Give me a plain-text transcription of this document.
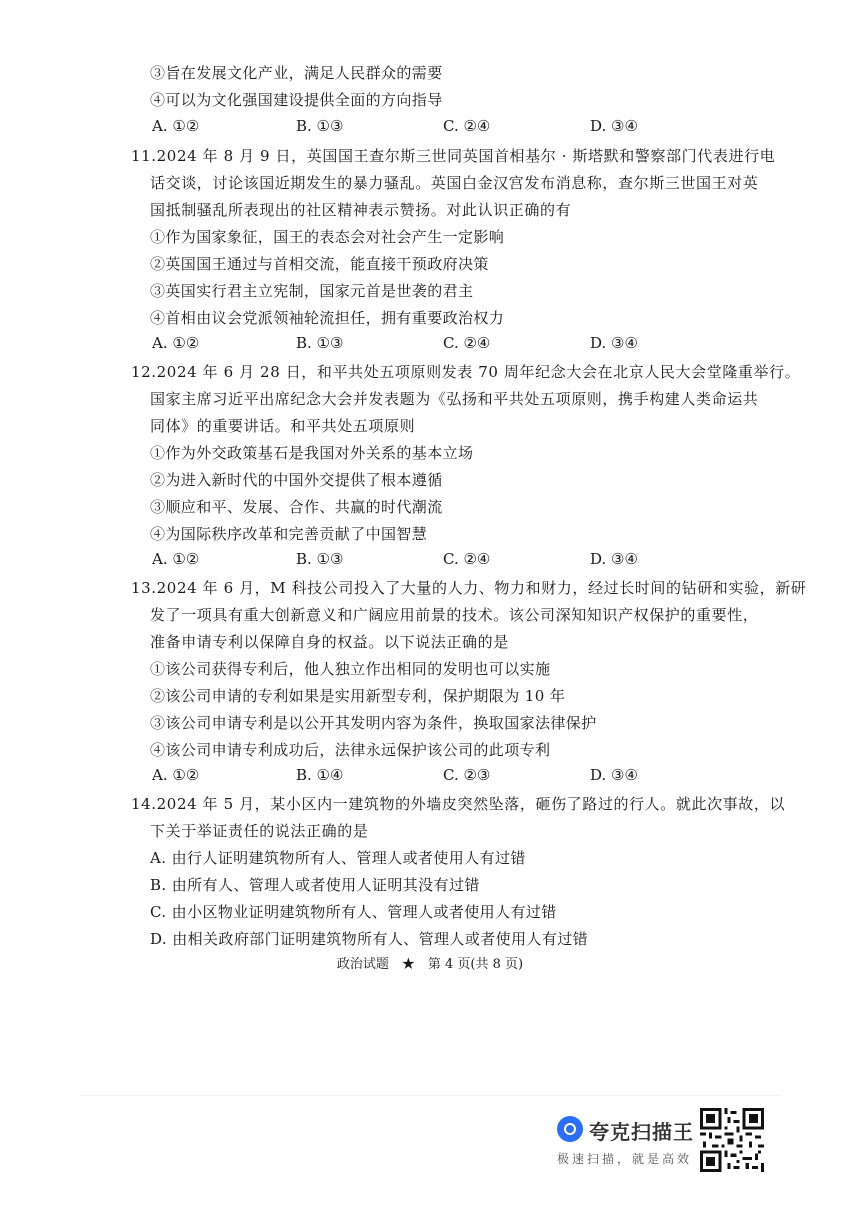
③旨在发展文化产业，满足人民群众的需要
④可以为文化强国建设提供全面的方向指导
A. ①②	B. ①③	C. ②④	D. ③④
11.2024 年 8 月 9 日，英国国王查尔斯三世同英国首相基尔 · 斯塔默和警察部门代表进行电
话交谈，讨论该国近期发生的暴力骚乱。英国白金汉宫发布消息称，查尔斯三世国王对英
国抵制骚乱所表现出的社区精神表示赞扬。对此认识正确的有
①作为国家象征，国王的表态会对社会产生一定影响
②英国国王通过与首相交流，能直接干预政府决策
③英国实行君主立宪制，国家元首是世袭的君主
④首相由议会党派领袖轮流担任，拥有重要政治权力
A. ①②	B. ①③	C. ②④	D. ③④
12.2024 年 6 月 28 日，和平共处五项原则发表 70 周年纪念大会在北京人民大会堂隆重举行。
国家主席习近平出席纪念大会并发表题为《弘扬和平共处五项原则，携手构建人类命运共
同体》的重要讲话。和平共处五项原则
①作为外交政策基石是我国对外关系的基本立场
②为进入新时代的中国外交提供了根本遵循
③顺应和平、发展、合作、共赢的时代潮流
④为国际秩序改革和完善贡献了中国智慧
A. ①②	B. ①③	C. ②④	D. ③④
13.2024 年 6 月，M 科技公司投入了大量的人力、物力和财力，经过长时间的钻研和实验，新研
发了一项具有重大创新意义和广阔应用前景的技术。该公司深知知识产权保护的重要性，
准备申请专利以保障自身的权益。以下说法正确的是
①该公司获得专利后，他人独立作出相同的发明也可以实施
②该公司申请的专利如果是实用新型专利，保护期限为 10 年
③该公司申请专利是以公开其发明内容为条件，换取国家法律保护
④该公司申请专利成功后，法律永远保护该公司的此项专利
A. ①②	B. ①④	C. ②③	D. ③④
14.2024 年 5 月，某小区内一建筑物的外墙皮突然坠落，砸伤了路过的行人。就此次事故，以
下关于举证责任的说法正确的是
A. 由行人证明建筑物所有人、管理人或者使用人有过错
B. 由所有人、管理人或者使用人证明其没有过错
C. 由小区物业证明建筑物所有人、管理人或者使用人有过错
D. 由相关政府部门证明建筑物所有人、管理人或者使用人有过错
政治试题　★　第 4 页(共 8 页)
夸克扫描王
极速扫描，就是高效
